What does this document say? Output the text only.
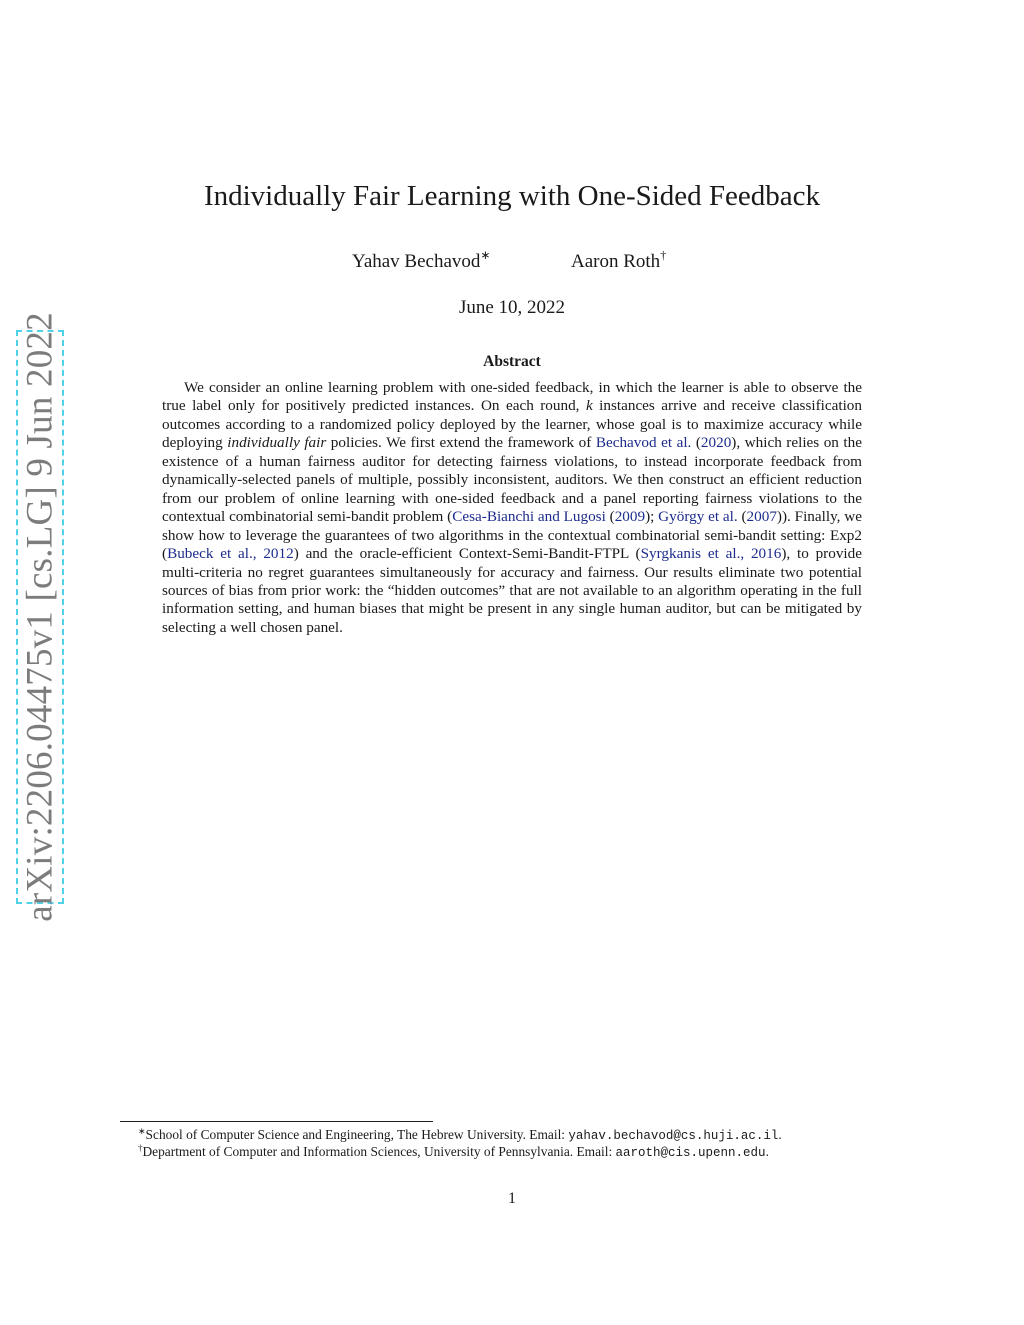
arXiv:2206.04475v1 [cs.LG] 9 Jun 2022
Individually Fair Learning with One-Sided Feedback
Yahav Bechavod∗	Aaron Roth†
June 10, 2022
Abstract
We consider an online learning problem with one-sided feedback, in which the learner is able to observe the true label only for positively predicted instances. On each round, k instances arrive and receive classification outcomes according to a randomized policy deployed by the learner, whose goal is to maximize accuracy while deploying individually fair policies. We first extend the framework of Bechavod et al. (2020), which relies on the existence of a human fairness auditor for detecting fairness violations, to instead incorporate feedback from dynamically-selected panels of multiple, possibly inconsistent, auditors. We then construct an efficient reduction from our problem of online learning with one-sided feedback and a panel reporting fairness violations to the contextual combinatorial semi-bandit problem (Cesa-Bianchi and Lugosi (2009); György et al. (2007)). Finally, we show how to leverage the guarantees of two algorithms in the contextual combinatorial semi-bandit setting: Exp2 (Bubeck et al., 2012) and the oracle-efficient Context-Semi-Bandit-FTPL (Syrgkanis et al., 2016), to provide multi-criteria no regret guarantees simultaneously for accuracy and fairness. Our results eliminate two potential sources of bias from prior work: the “hidden outcomes” that are not available to an algorithm operating in the full information setting, and human biases that might be present in any single human auditor, but can be mitigated by selecting a well chosen panel.
∗School of Computer Science and Engineering, The Hebrew University. Email: yahav.bechavod@cs.huji.ac.il.
†Department of Computer and Information Sciences, University of Pennsylvania. Email: aaroth@cis.upenn.edu.
1
